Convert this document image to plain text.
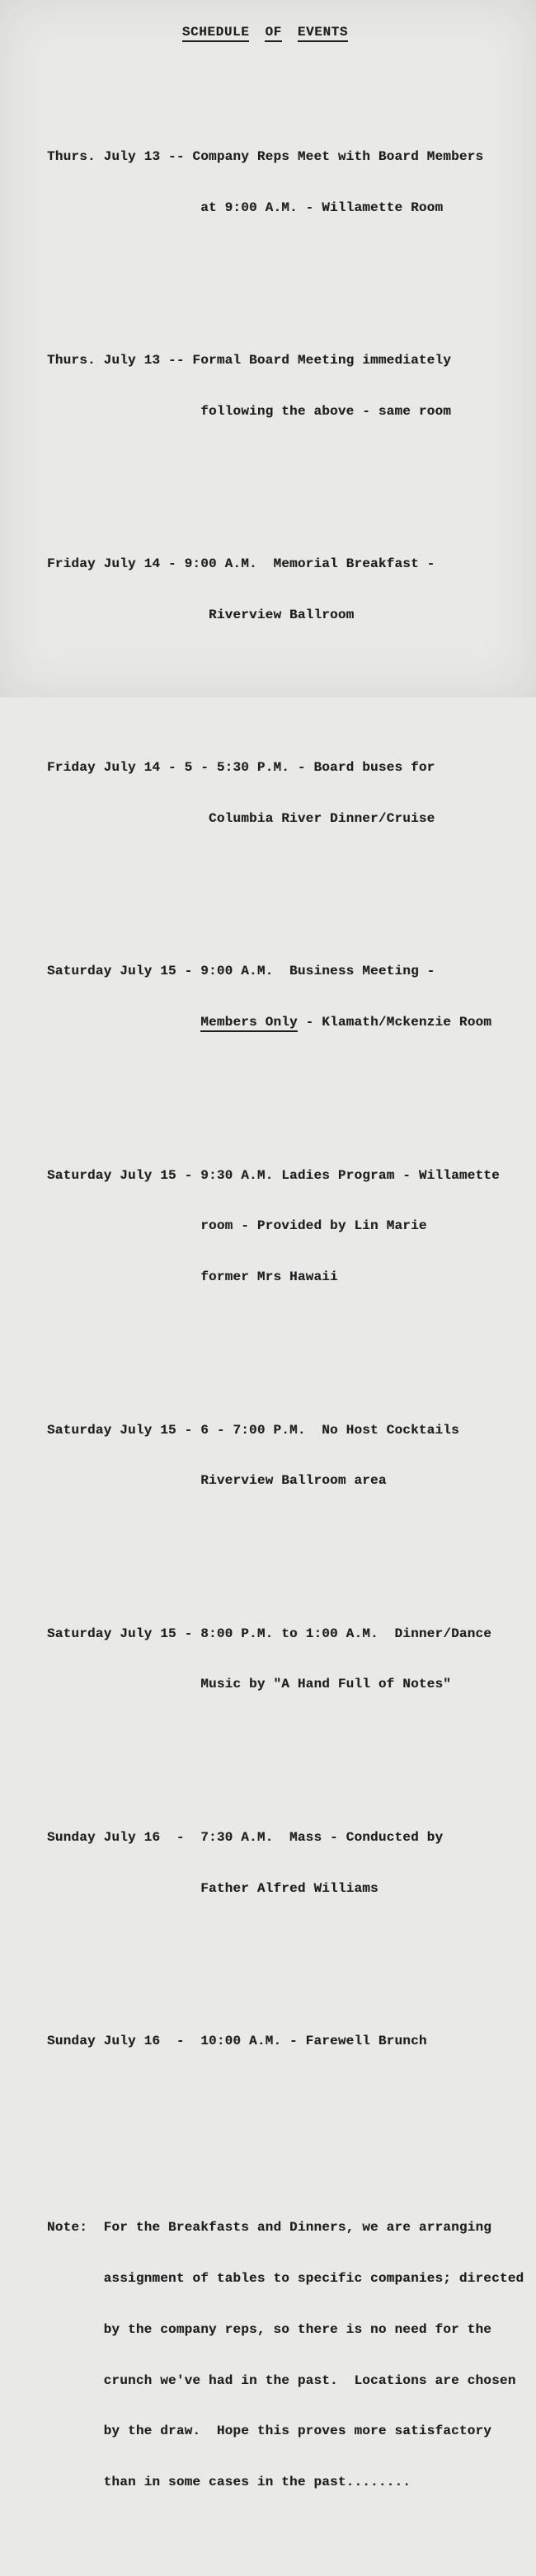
SCHEDULE OF EVENTS

Thurs. July 13 -- Company Reps Meet with Board Members

at 9:00 A.M. - Willamette Room

Thurs. July 13 -- Formal Board Meeting immediately

following the above - same room

Friday July 14 - 9:00 A.M.  Memorial Breakfast -

Riverview Ballroom

Friday July 14 - 5 - 5:30 P.M. - Board buses for

Columbia River Dinner/Cruise

Saturday July 15 - 9:00 A.M.  Business Meeting -

Members Only - Klamath/Mckenzie Room

Saturday July 15 - 9:30 A.M. Ladies Program - Willamette

room - Provided by Lin Marie

former Mrs Hawaii

Saturday July 15 - 6 - 7:00 P.M.  No Host Cocktails

Riverview Ballroom area

Saturday July 15 - 8:00 P.M. to 1:00 A.M.  Dinner/Dance

Music by "A Hand Full of Notes"

Sunday July 16  -  7:30 A.M.  Mass - Conducted by

Father Alfred Williams

Sunday July 16  -  10:00 A.M. - Farewell Brunch

Note:  For the Breakfasts and Dinners, we are arranging

assignment of tables to specific companies; directed

by the company reps, so there is no need for the

crunch we've had in the past.  Locations are chosen

by the draw.  Hope this proves more satisfactory

than in some cases in the past........
